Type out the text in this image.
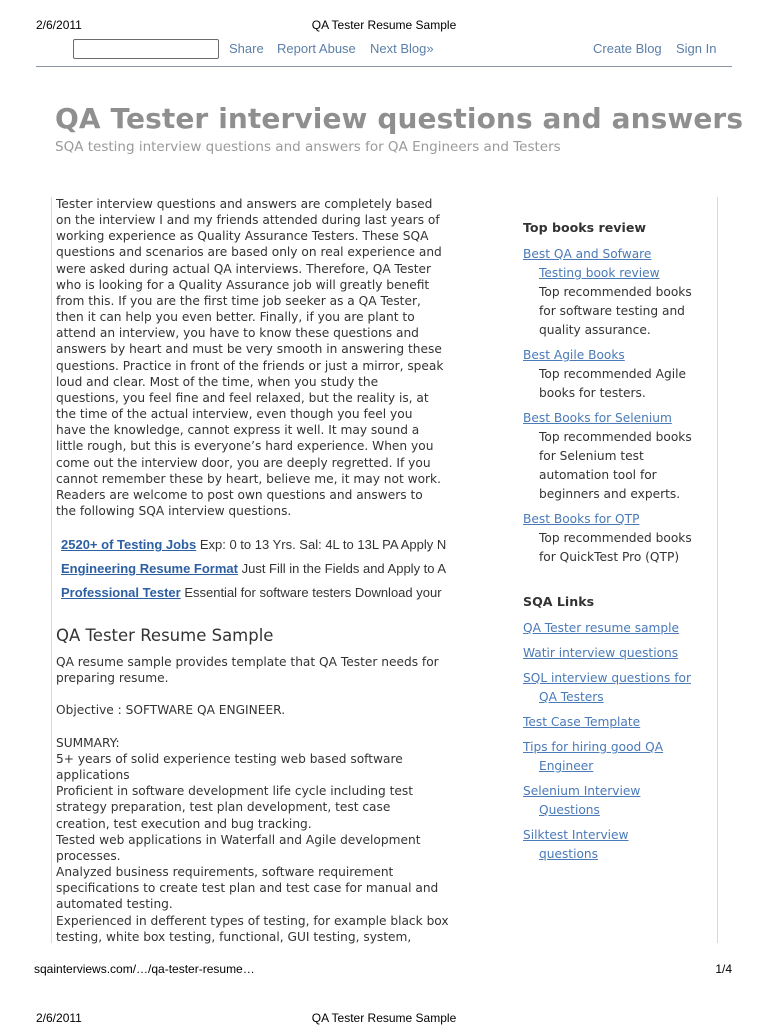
2/6/2011	QA Tester Resume Sample
Share Report Abuse Next Blog»	Create Blog Sign In
QA Tester interview questions and answers
SQA testing interview questions and answers for QA Engineers and Testers
Tester interview questions and answers are completely based
on the interview I and my friends attended during last years of
working experience as Quality Assurance Testers. These SQA
questions and scenarios are based only on real experience and
were asked during actual QA interviews. Therefore, QA Tester
who is looking for a Quality Assurance job will greatly benefit
from this. If you are the first time job seeker as a QA Tester,
then it can help you even better. Finally, if you are plant to
attend an interview, you have to know these questions and
answers by heart and must be very smooth in answering these
questions. Practice in front of the friends or just a mirror, speak
loud and clear. Most of the time, when you study the
questions, you feel fine and feel relaxed, but the reality is, at
the time of the actual interview, even though you feel you
have the knowledge, cannot express it well. It may sound a
little rough, but this is everyone’s hard experience. When you
come out the interview door, you are deeply regretted. If you
cannot remember these by heart, believe me, it may not work.
Readers are welcome to post own questions and answers to
the following SQA interview questions.
2520+ of Testing Jobs Exp: 0 to 13 Yrs. Sal: 4L to 13L PA Apply N
Engineering Resume Format Just Fill in the Fields and Apply to A
Professional Tester Essential for software testers Download your
QA Tester Resume Sample
QA resume sample provides template that QA Tester needs for
preparing resume.

Objective : SOFTWARE QA ENGINEER.

SUMMARY:
5+ years of solid experience testing web based software
applications
Proficient in software development life cycle including test
strategy preparation, test plan development, test case
creation, test execution and bug tracking.
Tested web applications in Waterfall and Agile development
processes.
Analyzed business requirements, software requirement
specifications to create test plan and test case for manual and
automated testing.
Experienced in defferent types of testing, for example black box
testing, white box testing, functional, GUI testing, system,
Top books review
Best QA and Sofware
Testing book review
Top recommended books
for software testing and
quality assurance.
Best Agile Books
Top recommended Agile
books for testers.
Best Books for Selenium
Top recommended books
for Selenium test
automation tool for
beginners and experts.
Best Books for QTP
Top recommended books
for QuickTest Pro (QTP)
SQA Links
QA Tester resume sample
Watir interview questions
SQL interview questions for
QA Testers
Test Case Template
Tips for hiring good QA
Engineer
Selenium Interview
Questions
Silktest Interview
questions
sqainterviews.com/…/qa-tester-resume…	1/4
2/6/2011	QA Tester Resume Sample
